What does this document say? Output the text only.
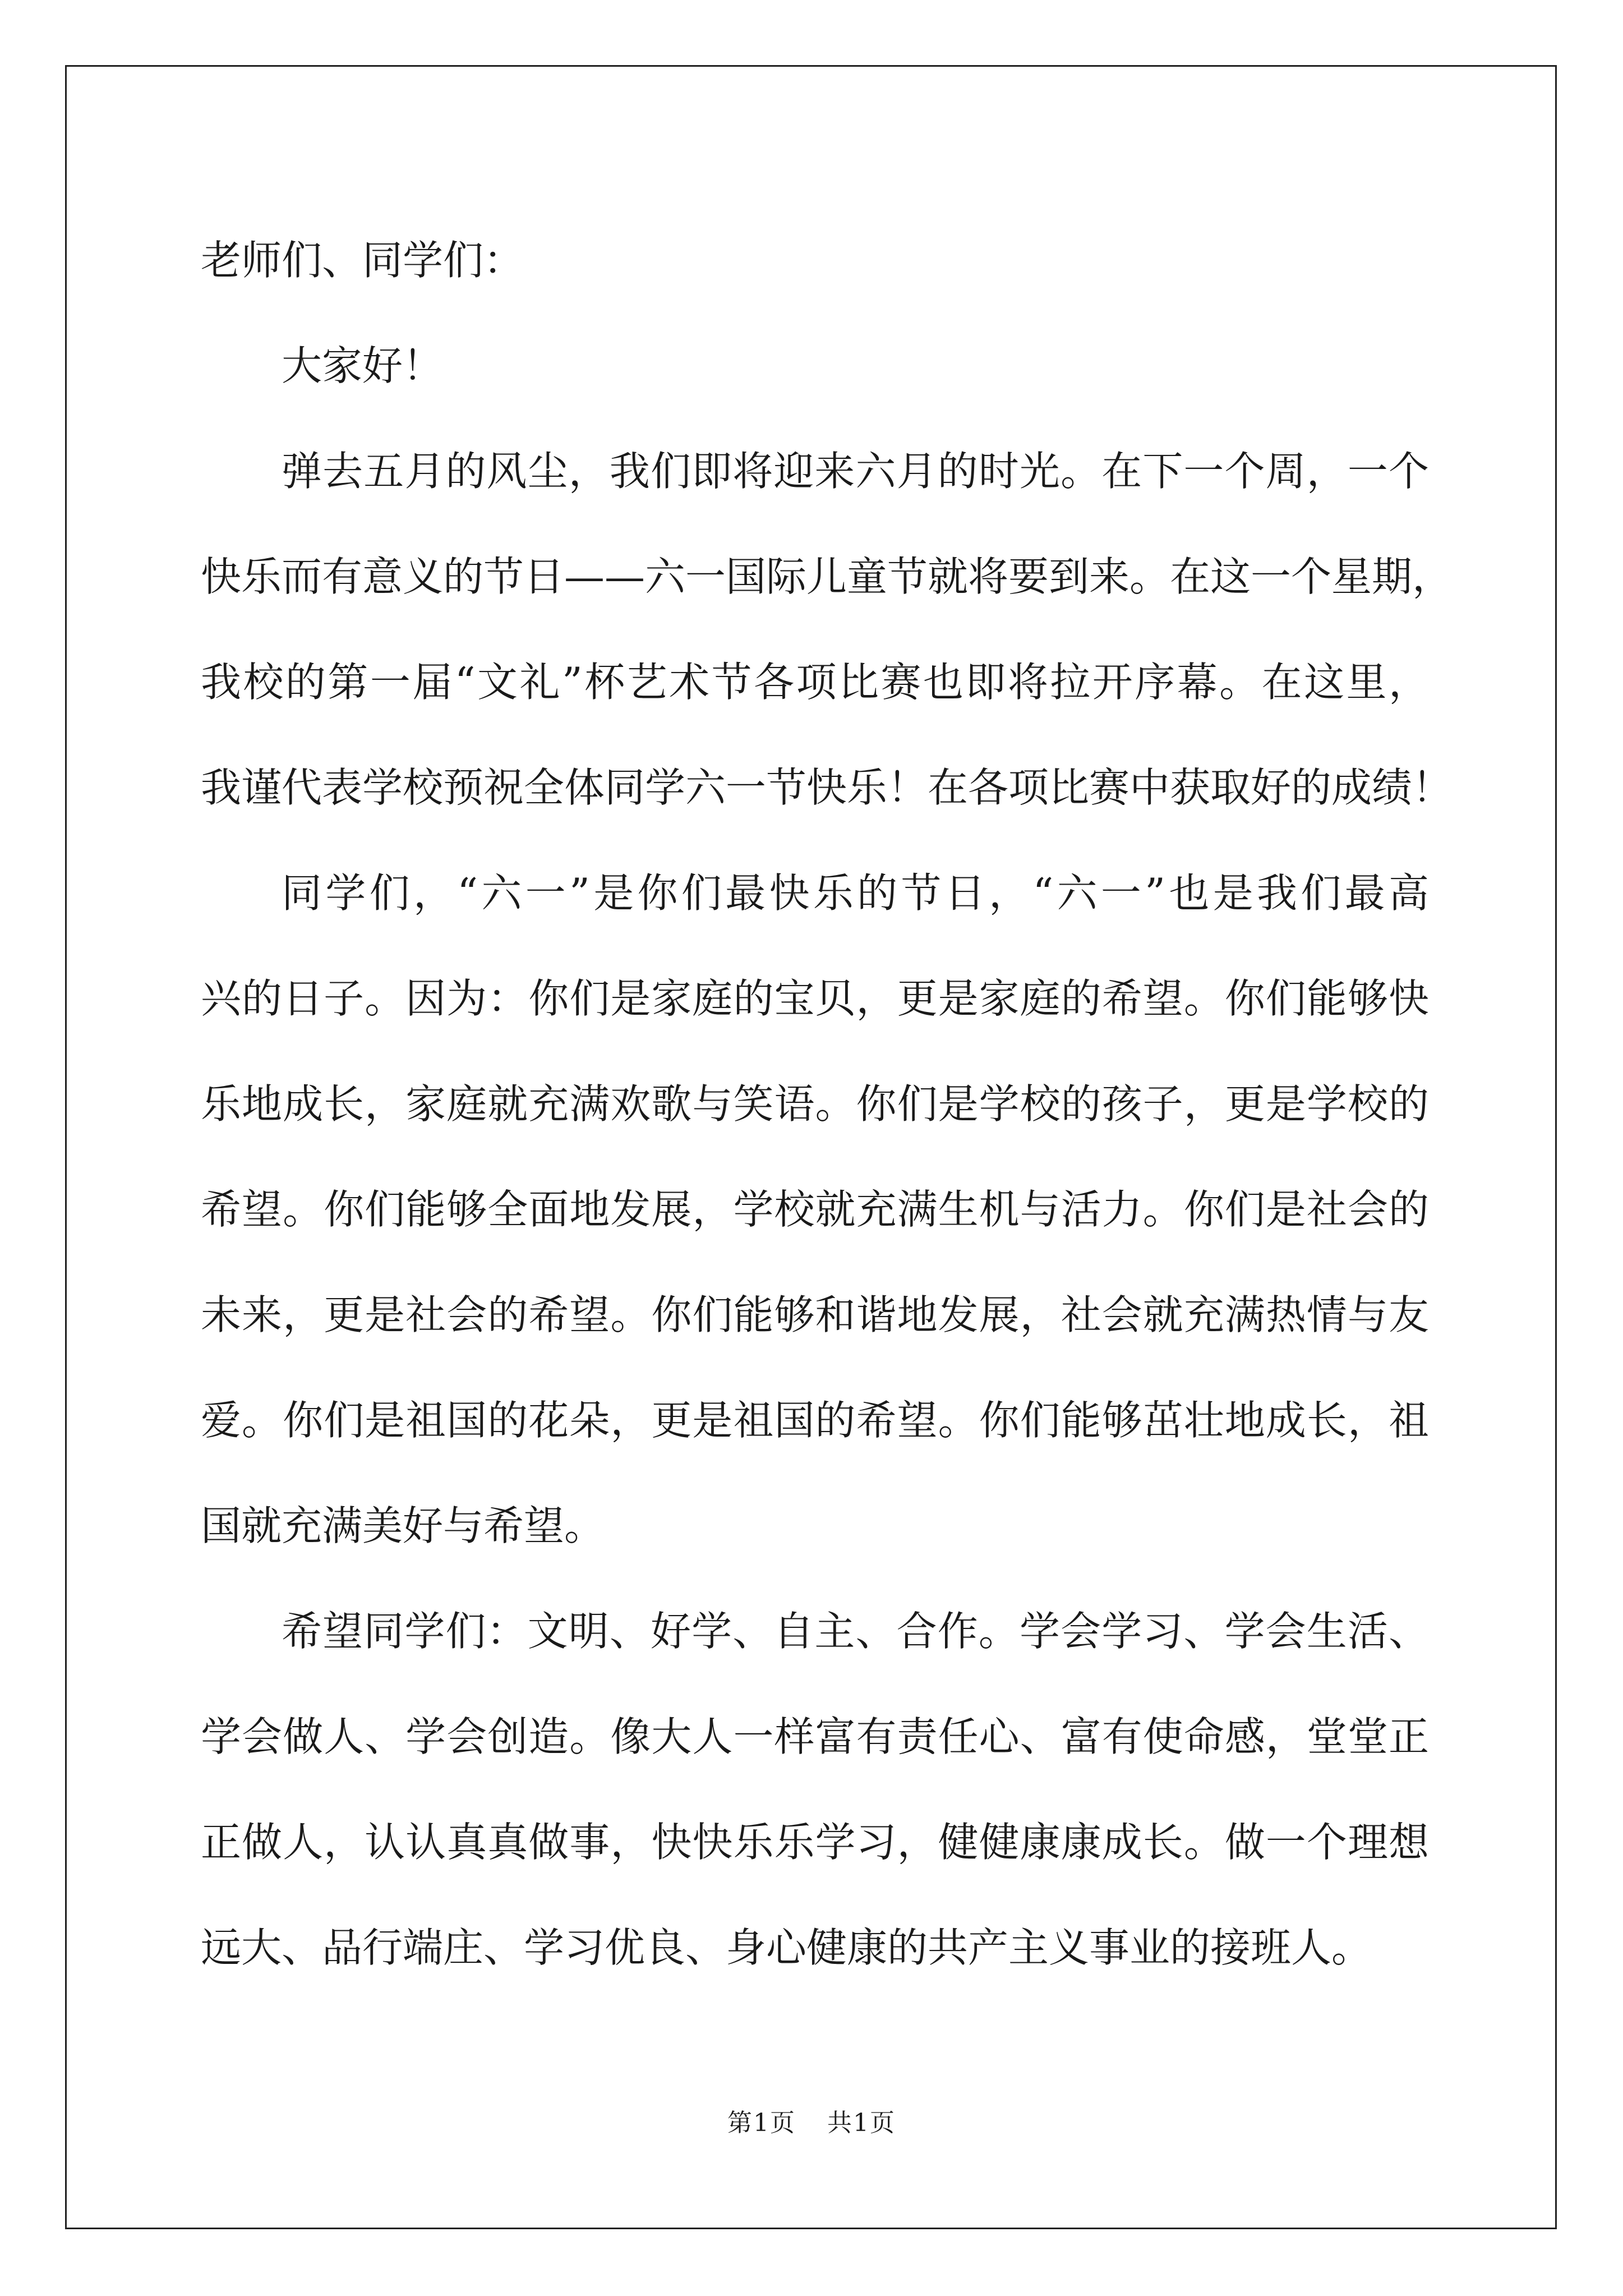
老师们、同学们：
大家好！
弹去五月的风尘，我们即将迎来六月的时光。在下一个周，一个
快乐而有意义的节日——六一国际儿童节就将要到来。在这一个星期，
我校的第一届“文礼”杯艺术节各项比赛也即将拉开序幕。在这里，
我谨代表学校预祝全体同学六一节快乐！在各项比赛中获取好的成绩！
同学们，“六一”是你们最快乐的节日，“六一”也是我们最高
兴的日子。因为：你们是家庭的宝贝，更是家庭的希望。你们能够快
乐地成长，家庭就充满欢歌与笑语。你们是学校的孩子，更是学校的
希望。你们能够全面地发展，学校就充满生机与活力。你们是社会的
未来，更是社会的希望。你们能够和谐地发展，社会就充满热情与友
爱。你们是祖国的花朵，更是祖国的希望。你们能够茁壮地成长，祖
国就充满美好与希望。
希望同学们：文明、好学、自主、合作。学会学习、学会生活、
学会做人、学会创造。像大人一样富有责任心、富有使命感，堂堂正
正做人，认认真真做事，快快乐乐学习，健健康康成长。做一个理想
远大、品行端庄、学习优良、身心健康的共产主义事业的接班人。
第1页 共1页
